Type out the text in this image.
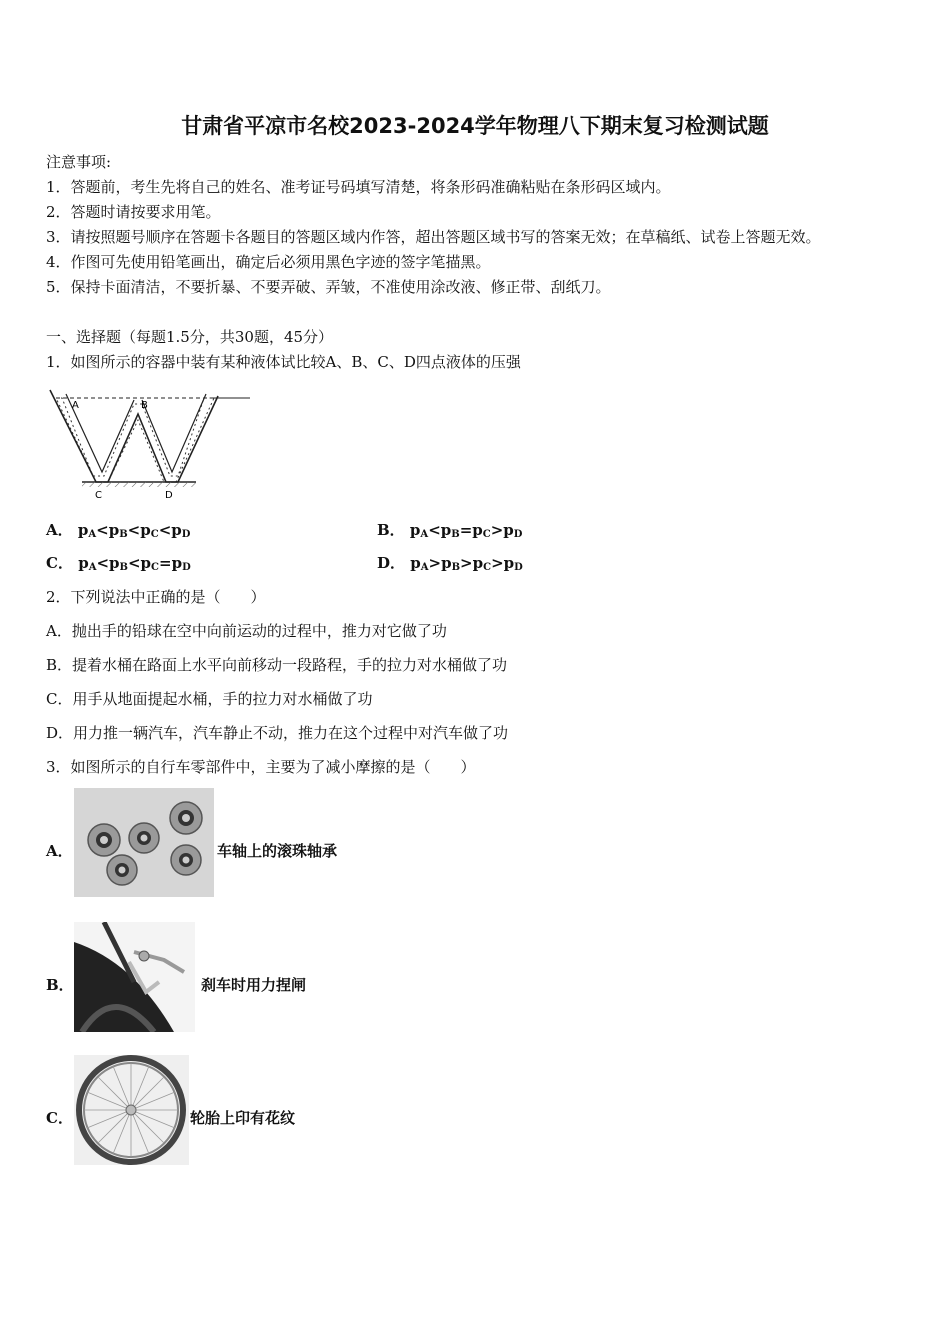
甘肃省平凉市名校2023-2024学年物理八下期末复习检测试题
注意事项:
1．答题前，考生先将自己的姓名、准考证号码填写清楚，将条形码准确粘贴在条形码区域内。
2．答题时请按要求用笔。
3．请按照题号顺序在答题卡各题目的答题区域内作答，超出答题区域书写的答案无效；在草稿纸、试卷上答题无效。
4．作图可先使用铅笔画出，确定后必须用黑色字迹的签字笔描黑。
5．保持卡面清洁，不要折暴、不要弄破、弄皱，不准使用涂改液、修正带、刮纸刀。
一、选择题（每题1.5分，共30题，45分）
1．如图所示的容器中装有某种液体试比较A、B、C、D四点液体的压强
A	B
C	D
A． $p_A<p_B<p_C<p_D$	B． $p_A<p_B=p_C>p_D$
C． $p_A<p_B<p_C=p_D$	D． $p_A>p_B>p_C>p_D$
2．下列说法中正确的是（　　）
A．抛出手的铅球在空中向前运动的过程中，推力对它做了功
B．提着水桶在路面上水平向前移动一段路程，手的拉力对水桶做了功
C．用手从地面提起水桶，手的拉力对水桶做了功
D．用力推一辆汽车，汽车静止不动，推力在这个过程中对汽车做了功
3．如图所示的自行车零部件中，主要为了减小摩擦的是（　　）
A．	车轴上的滚珠轴承
B．	刹车时用力捏闸
C．	轮胎上印有花纹
